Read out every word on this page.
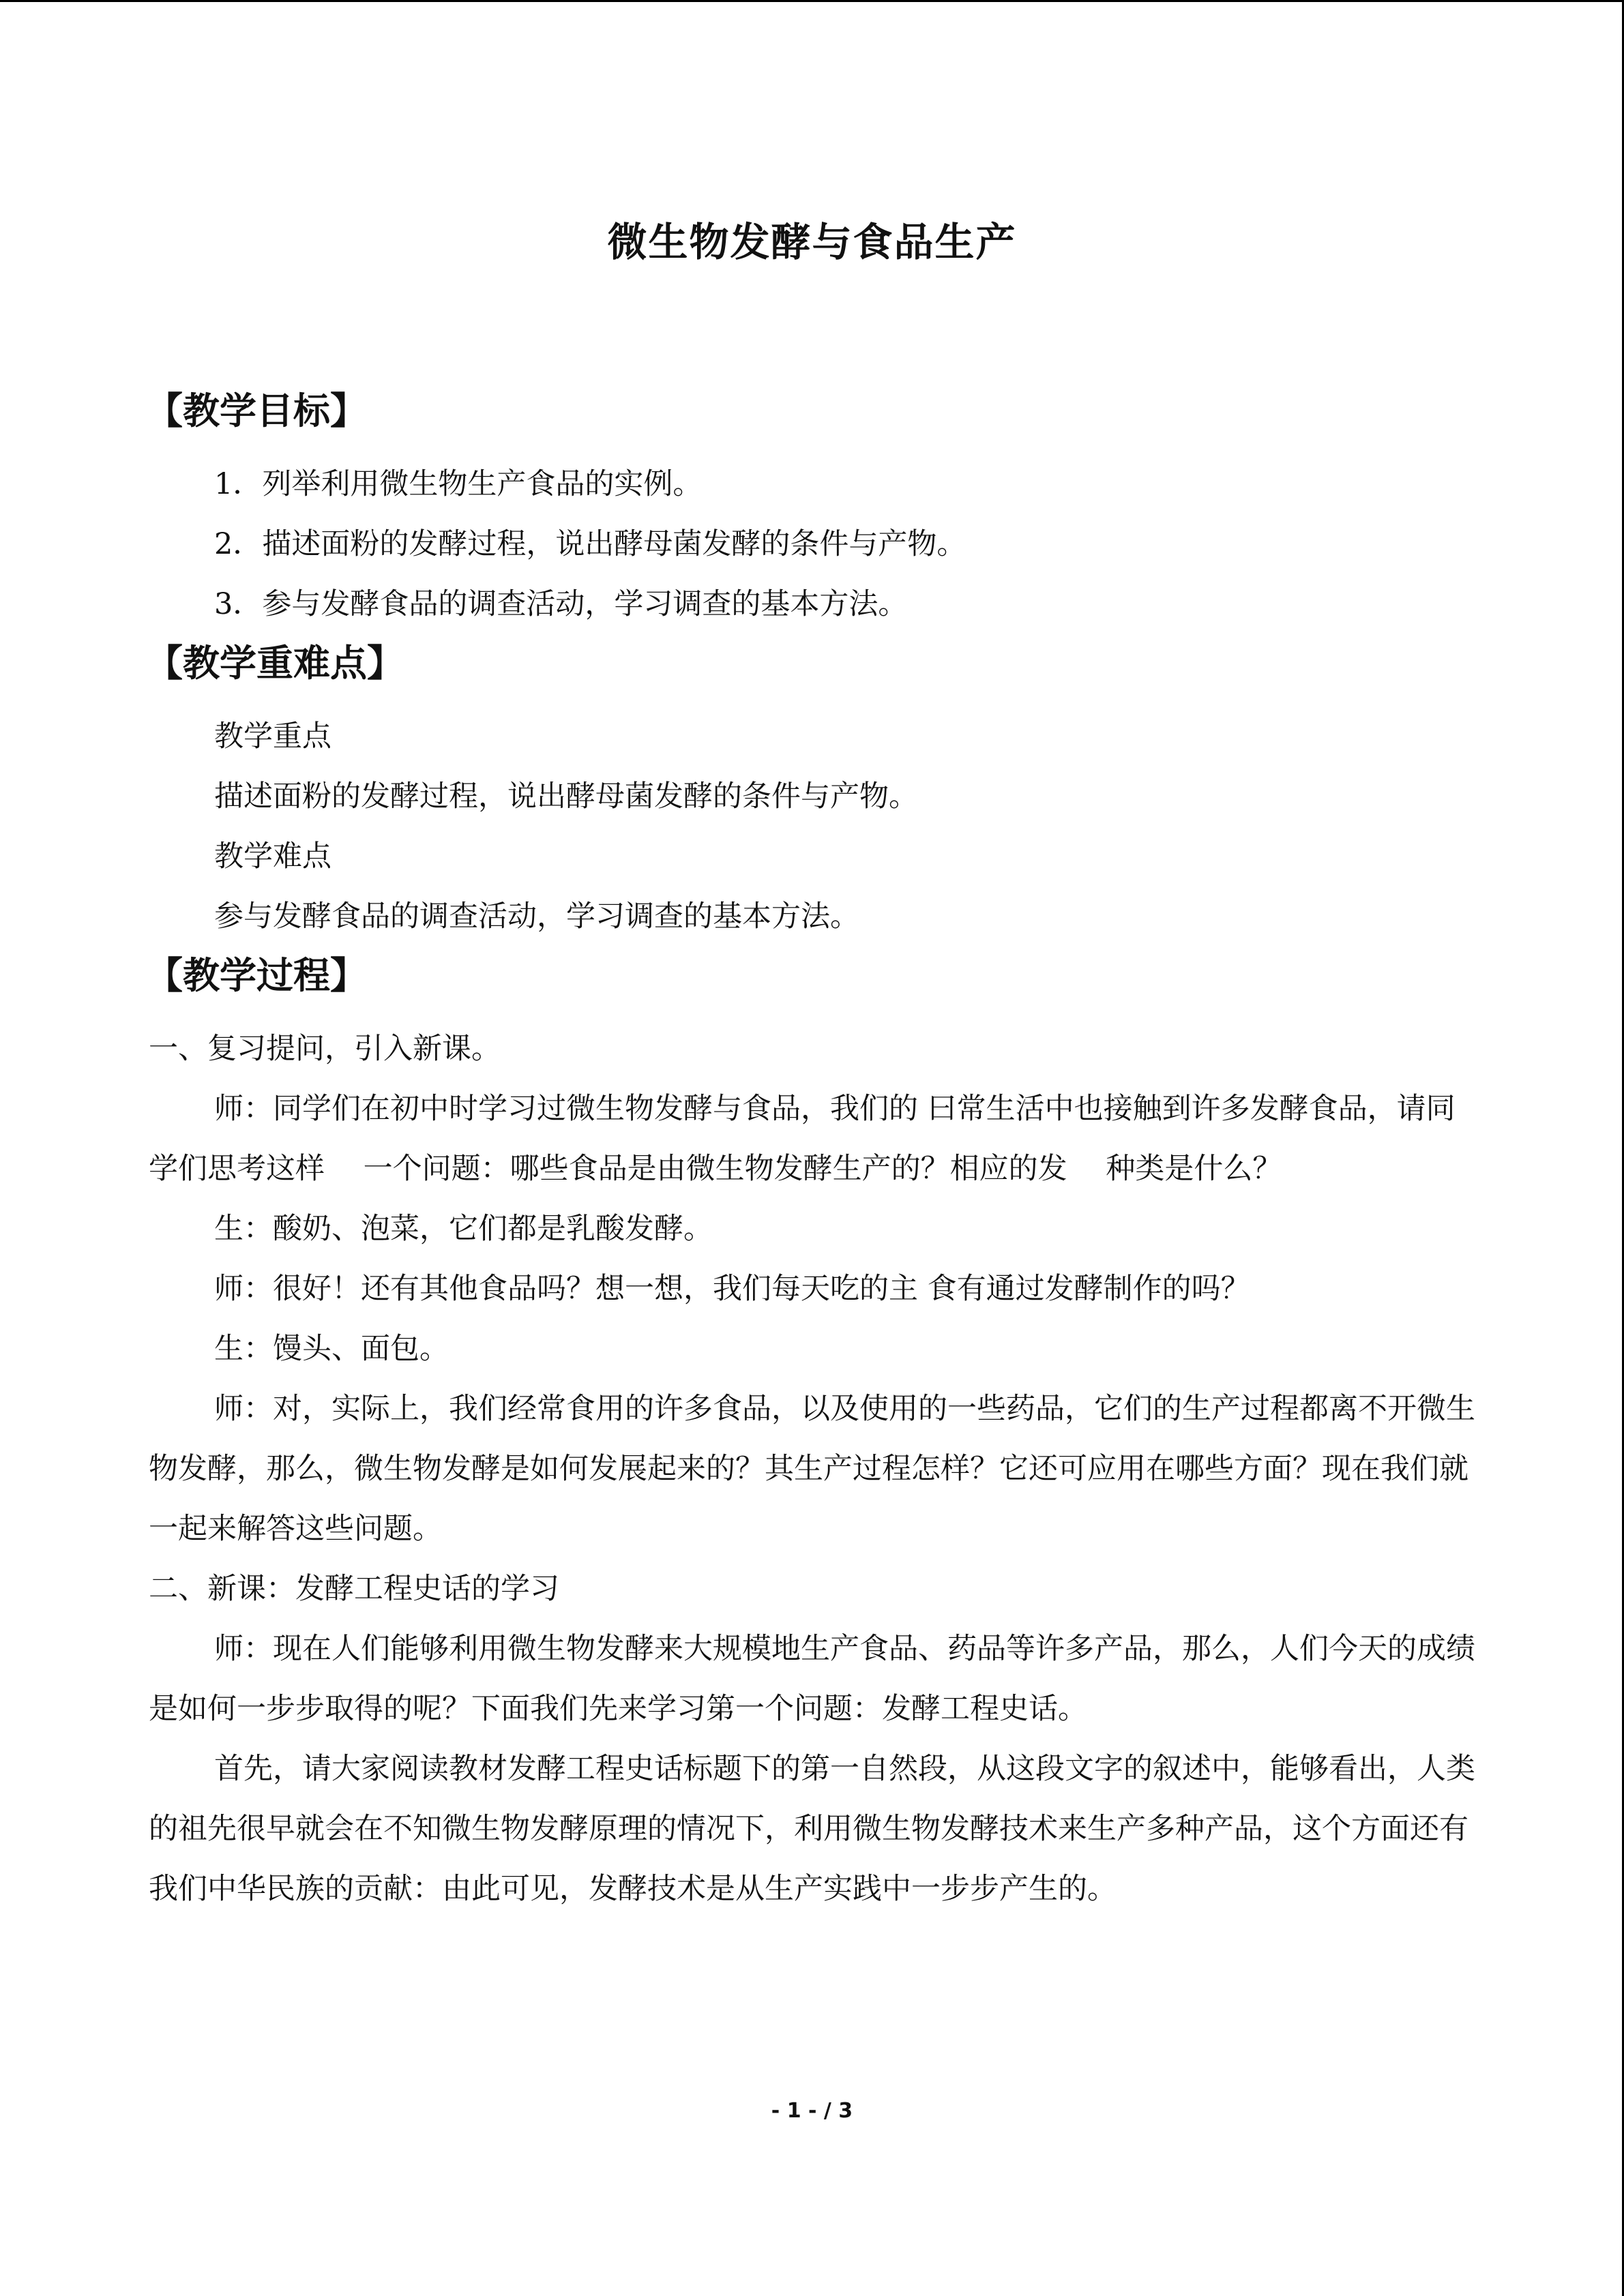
微生物发酵与食品生产
【教学目标】
1．列举利用微生物生产食品的实例。
2．描述面粉的发酵过程，说出酵母菌发酵的条件与产物。
3．参与发酵食品的调查活动，学习调查的基本方法。
【教学重难点】
教学重点
描述面粉的发酵过程，说出酵母菌发酵的条件与产物。
教学难点
参与发酵食品的调查活动，学习调查的基本方法。
【教学过程】
一、复习提问，引入新课。
师：同学们在初中时学习过微生物发酵与食品，我们的 曰常生活中也接触到许多发酵食品，请同学们思考这样　 一个问题：哪些食品是由微生物发酵生产的？相应的发　 种类是什么？
生：酸奶、泡菜，它们都是乳酸发酵。
师：很好！还有其他食品吗？想一想，我们每天吃的主 食有通过发酵制作的吗？
生：馒头、面包。
师：对，实际上，我们经常食用的许多食品，以及使用的一些药品，它们的生产过程都离不开微生物发酵，那么，微生物发酵是如何发展起来的？其生产过程怎样？它还可应用在哪些方面？现在我们就一起来解答这些问题。
二、新课：发酵工程史话的学习
师：现在人们能够利用微生物发酵来大规模地生产食品、药品等许多产品，那么，人们今天的成绩是如何一步步取得的呢？下面我们先来学习第一个问题：发酵工程史话。
首先，请大家阅读教材发酵工程史话标题下的第一自然段，从这段文字的叙述中，能够看出，人类的祖先很早就会在不知微生物发酵原理的情况下，利用微生物发酵技术来生产多种产品，这个方面还有我们中华民族的贡献：由此可见，发酵技术是从生产实践中一步步产生的。
- 1 - / 3
